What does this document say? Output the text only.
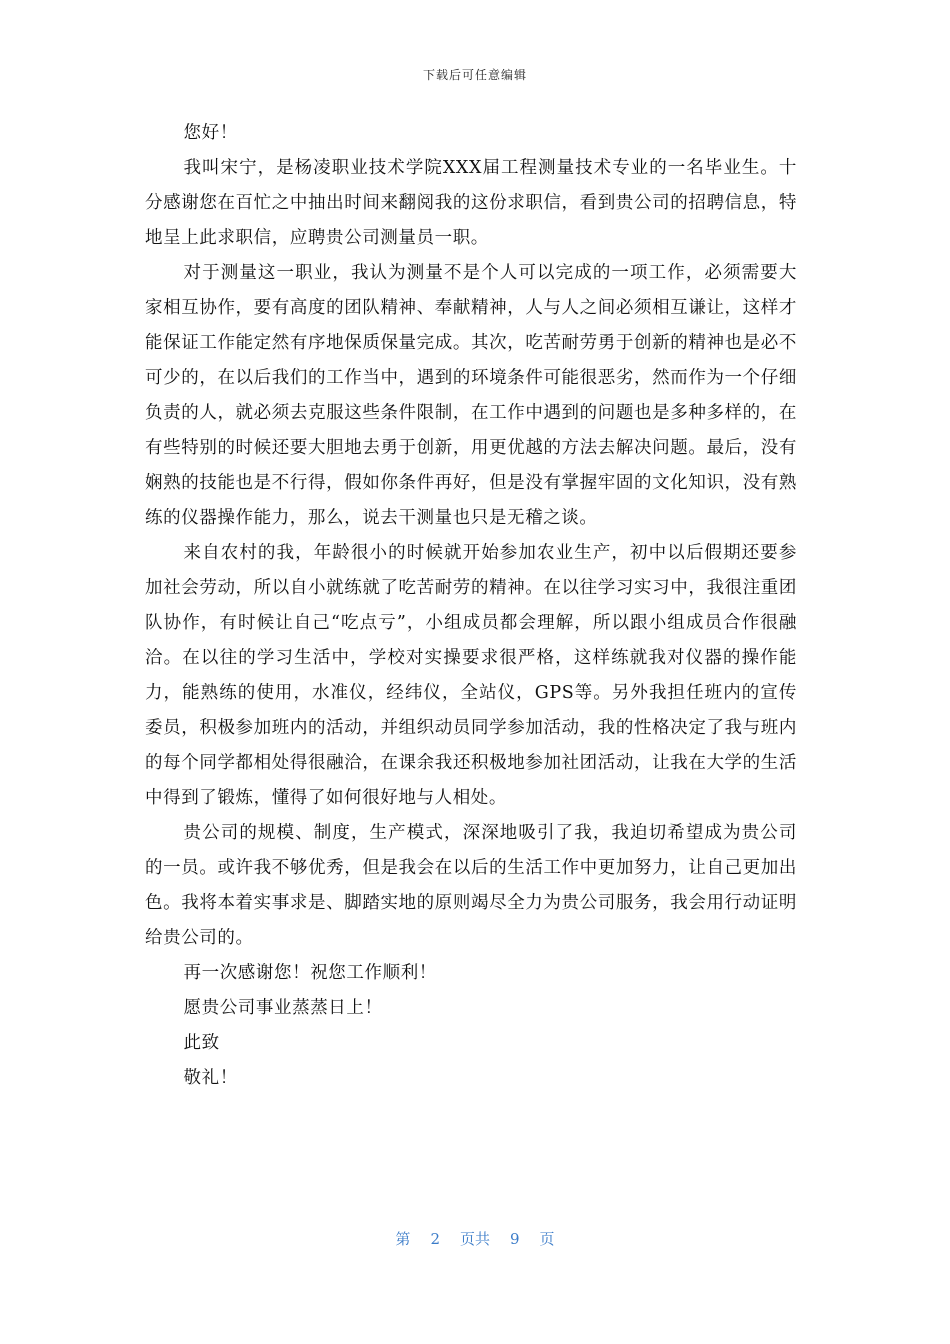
下载后可任意编辑

您好！

我叫宋宁，是杨凌职业技术学院XXX届工程测量技术专业的一名毕业生。十分感谢您在百忙之中抽出时间来翻阅我的这份求职信，看到贵公司的招聘信息，特地呈上此求职信，应聘贵公司测量员一职。

对于测量这一职业，我认为测量不是个人可以完成的一项工作，必须需要大家相互协作，要有高度的团队精神、奉献精神，人与人之间必须相互谦让，这样才能保证工作能定然有序地保质保量完成。其次，吃苦耐劳勇于创新的精神也是必不可少的，在以后我们的工作当中，遇到的环境条件可能很恶劣，然而作为一个仔细负责的人，就必须去克服这些条件限制，在工作中遇到的问题也是多种多样的，在有些特别的时候还要大胆地去勇于创新，用更优越的方法去解决问题。最后，没有娴熟的技能也是不行得，假如你条件再好，但是没有掌握牢固的文化知识，没有熟练的仪器操作能力，那么，说去干测量也只是无稽之谈。

来自农村的我，年龄很小的时候就开始参加农业生产，初中以后假期还要参加社会劳动，所以自小就练就了吃苦耐劳的精神。在以往学习实习中，我很注重团队协作，有时候让自己“吃点亏”，小组成员都会理解，所以跟小组成员合作很融洽。在以往的学习生活中，学校对实操要求很严格，这样练就我对仪器的操作能力，能熟练的使用，水准仪，经纬仪，全站仪，GPS等。另外我担任班内的宣传委员，积极参加班内的活动，并组织动员同学参加活动，我的性格决定了我与班内的每个同学都相处得很融洽，在课余我还积极地参加社团活动，让我在大学的生活中得到了锻炼，懂得了如何很好地与人相处。

贵公司的规模、制度，生产模式，深深地吸引了我，我迫切希望成为贵公司的一员。或许我不够优秀，但是我会在以后的生活工作中更加努力，让自己更加出色。我将本着实事求是、脚踏实地的原则竭尽全力为贵公司服务，我会用行动证明给贵公司的。

再一次感谢您！祝您工作顺利！

愿贵公司事业蒸蒸日上！

此致

敬礼！

第 2 页共 9 页
